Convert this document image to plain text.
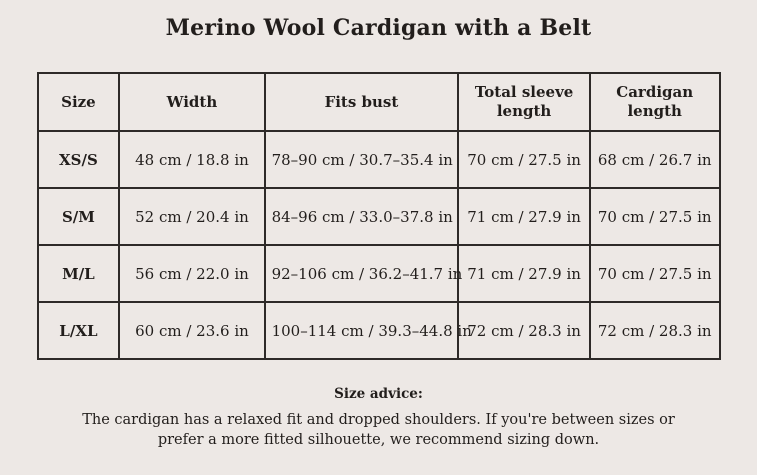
Merino Wool Cardigan with a Belt
Size	Width	Fits bust	Total sleeve length	Cardigan length
XS/S	48 cm / 18.8 in	78–90 cm / 30.7–35.4 in	70 cm / 27.5 in	68 cm / 26.7 in
S/M	52 cm / 20.4 in	84–96 cm / 33.0–37.8 in	71 cm / 27.9 in	70 cm / 27.5 in
M/L	56 cm / 22.0 in	92–106 cm / 36.2–41.7 in	71 cm / 27.9 in	70 cm / 27.5 in
L/XL	60 cm / 23.6 in	100–114 cm / 39.3–44.8 in	72 cm / 28.3 in	72 cm / 28.3 in

Size advice:

The cardigan has a relaxed fit and dropped shoulders. If you're between sizes or prefer a more fitted silhouette, we recommend sizing down.
